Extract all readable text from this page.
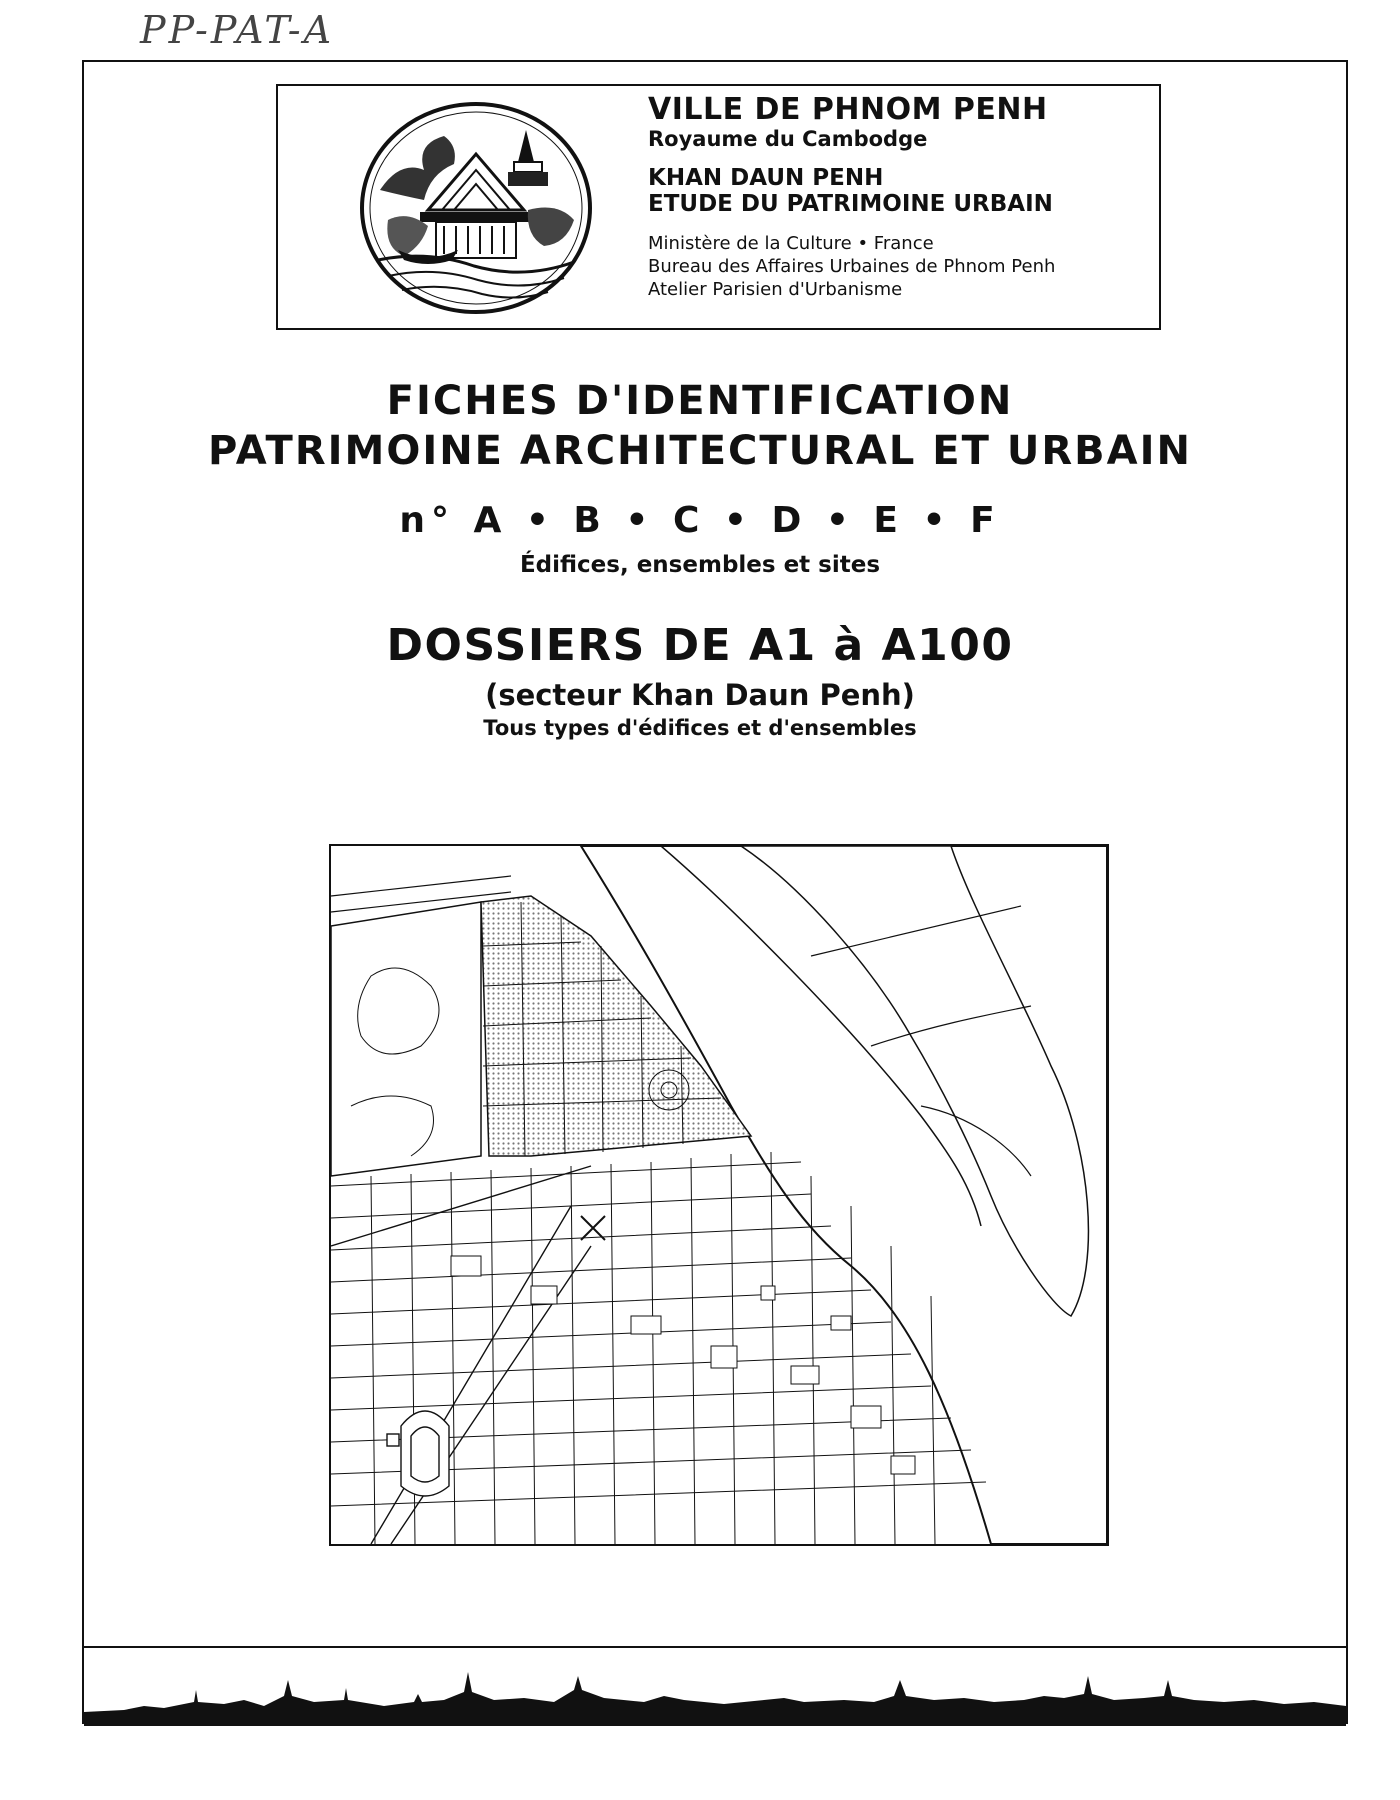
PP-PAT-A

VILLE DE PHNOM PENH

Royaume du Cambodge

KHAN DAUN PENH

ETUDE DU PATRIMOINE URBAIN

Ministère de la Culture • France

Bureau des Affaires Urbaines de Phnom Penh

Atelier Parisien d'Urbanisme

FICHES D'IDENTIFICATION
PATRIMOINE ARCHITECTURAL ET URBAIN
n° A • B • C • D • E • F
Édifices, ensembles et sites
DOSSIERS DE A1 à A100
(secteur Khan Daun Penh)
Tous types d'édifices et d'ensembles
